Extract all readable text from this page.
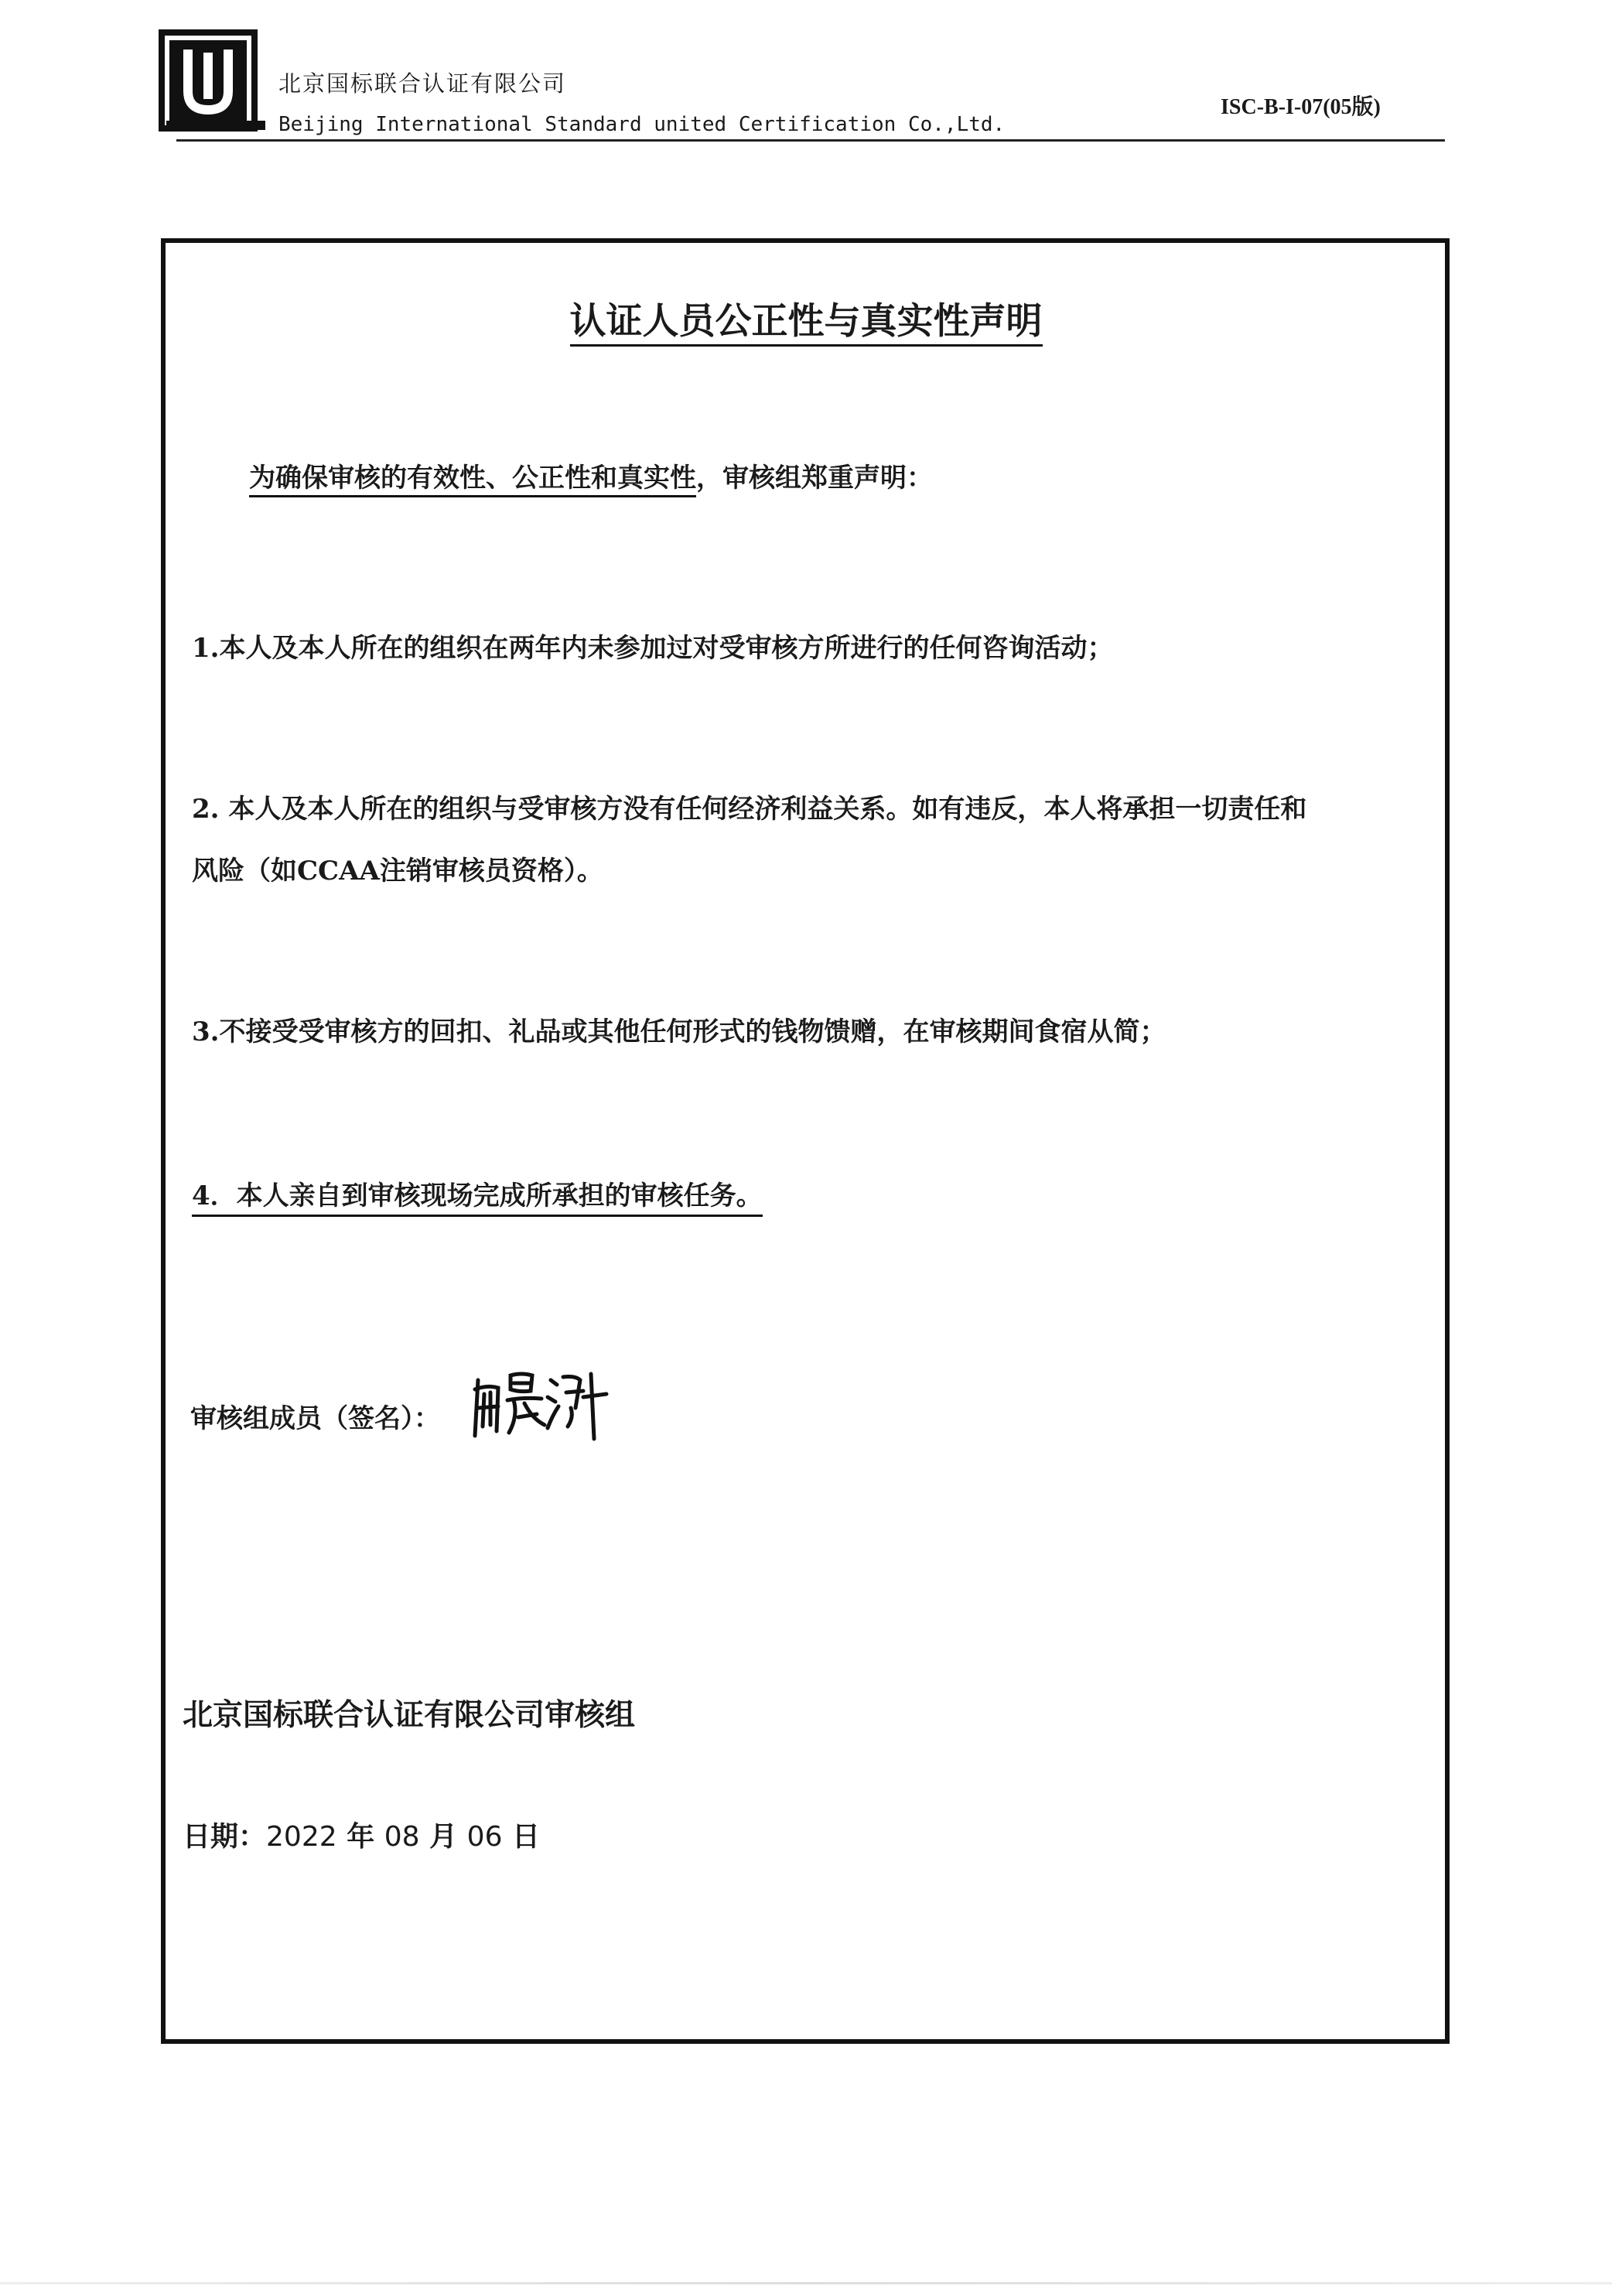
北京国标联合认证有限公司
Beijing International Standard united Certification Co.,Ltd.
ISC-B-I-07(05版)
认证人员公正性与真实性声明
为确保审核的有效性、公正性和真实性，审核组郑重声明：
1.本人及本人所在的组织在两年内未参加过对受审核方所进行的任何咨询活动；
2. 本人及本人所在的组织与受审核方没有任何经济利益关系。如有违反，本人将承担一切责任和
风险（如CCAA注销审核员资格）。
3.不接受受审核方的回扣、礼品或其他任何形式的钱物馈赠，在审核期间食宿从简；
4．本人亲自到审核现场完成所承担的审核任务。
审核组成员（签名）：
北京国标联合认证有限公司审核组
日期：2022 年 08 月 06 日
